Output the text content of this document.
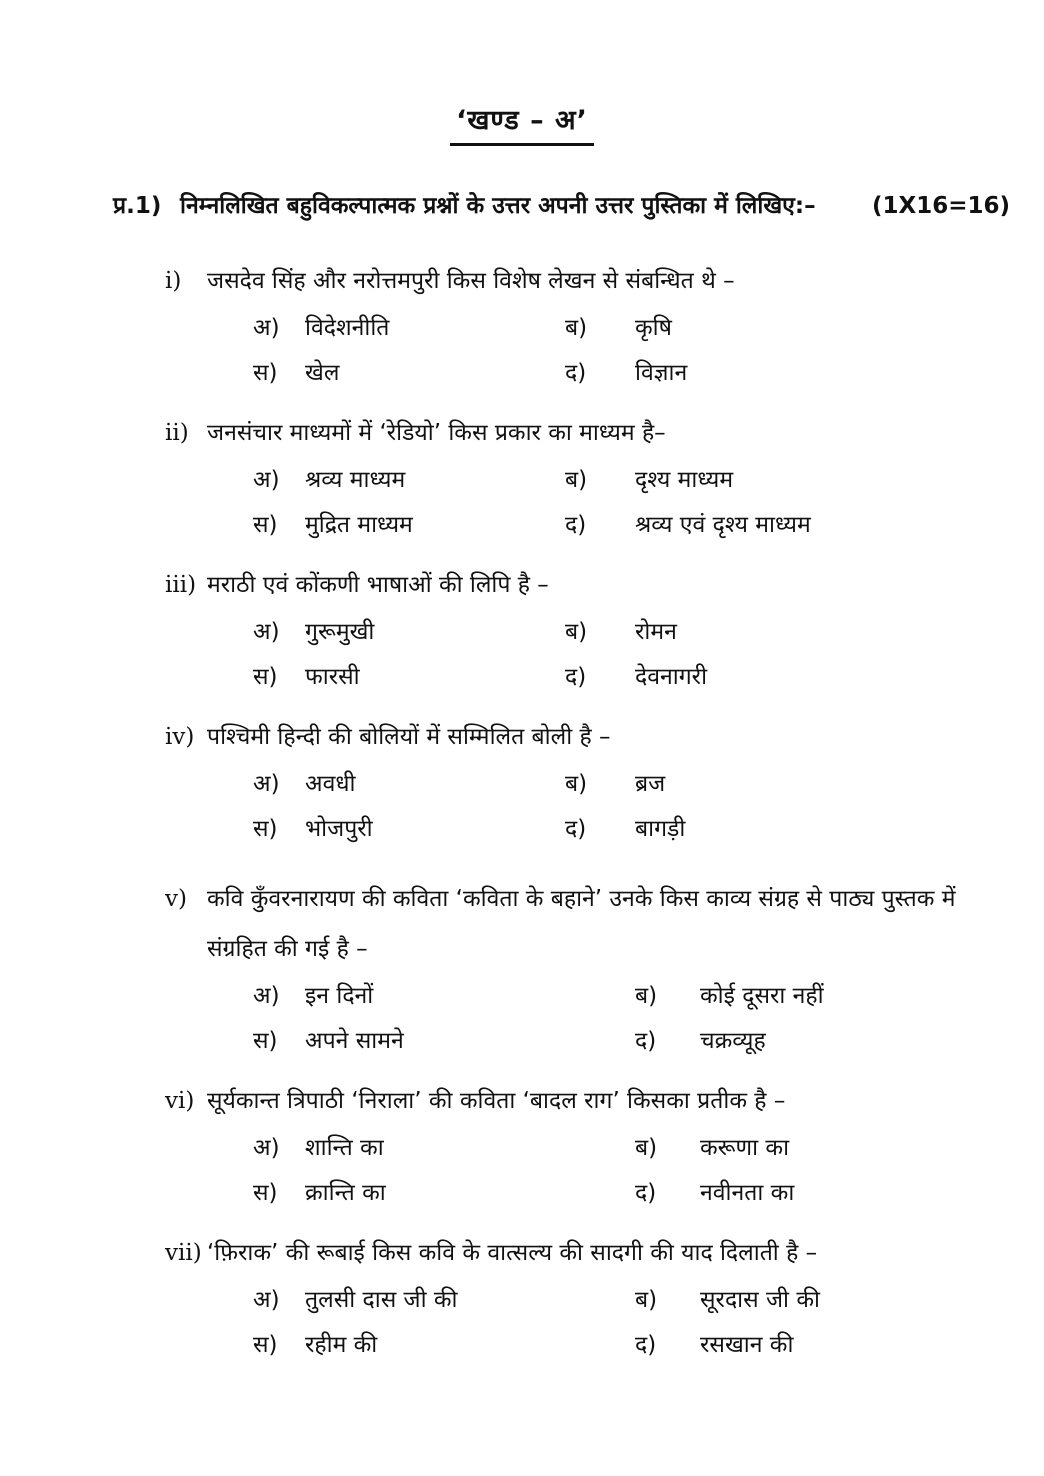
‘खण्ड – अ’
प्र.1) निम्नलिखित बहुविकल्पात्मक प्रश्नों के उत्तर अपनी उत्तर पुस्तिका में लिखिए:–	(1X16=16)
i)	जसदेव सिंह और नरोत्तमपुरी किस विशेष लेखन से संबन्धित थे –
अ)	विदेशनीति	ब)	कृषि
स)	खेल	द)	विज्ञान
ii) जनसंचार माध्यमों में ‘रेडियो’ किस प्रकार का माध्यम है–
अ)	श्रव्य माध्यम	ब)	दृश्य माध्यम
स)	मुद्रित माध्यम	द)	श्रव्य एवं दृश्य माध्यम
iii) मराठी एवं कोंकणी भाषाओं की लिपि है –
अ)	गुरूमुखी	ब)	रोमन
स)	फारसी	द)	देवनागरी
iv) पश्चिमी हिन्दी की बोलियों में सम्मिलित बोली है –
अ)	अवधी	ब)	ब्रज
स)	भोजपुरी	द)	बागड़ी
v) कवि कुँवरनारायण की कविता ‘कविता के बहाने’ उनके किस काव्य संग्रह से पाठ्य पुस्तक में संग्रहित की गई है –
अ)	इन दिनों	ब)	कोई दूसरा नहीं
स)	अपने सामने	द)	चक्रव्यूह
vi) सूर्यकान्त त्रिपाठी ‘निराला’ की कविता ‘बादल राग’ किसका प्रतीक है –
अ)	शान्ति का	ब)	करूणा का
स)	क्रान्ति का	द)	नवीनता का
vii) ‘फ़िराक’ की रूबाई किस कवि के वात्सल्य की सादगी की याद दिलाती है –
अ)	तुलसी दास जी की	ब)	सूरदास जी की
स)	रहीम की	द)	रसखान की
